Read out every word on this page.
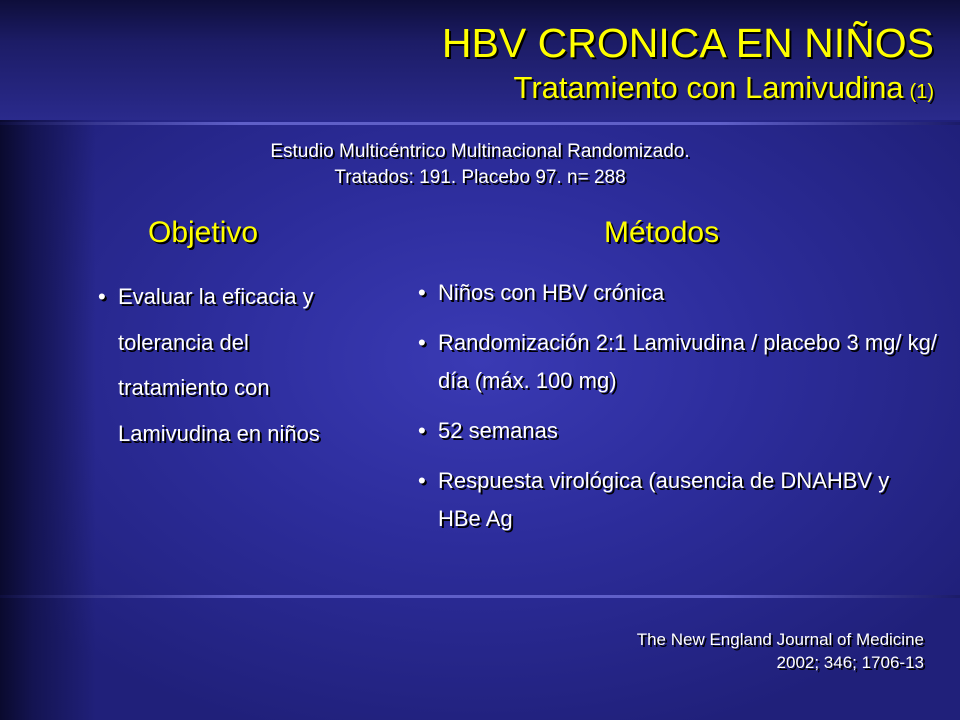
HBV CRONICA EN NIÑOS
Tratamiento con Lamivudina (1)
Estudio Multicéntrico Multinacional Randomizado.
Tratados: 191. Placebo 97. n= 288
Objetivo	Métodos
• Evaluar la eficacia y tolerancia del tratamiento con Lamivudina en niños
• Niños con HBV crónica
• Randomización 2:1 Lamivudina / placebo 3 mg/ kg/ día (máx. 100 mg)
• 52 semanas
• Respuesta virológica (ausencia de DNAHBV y HBe Ag
The New England Journal of Medicine
2002; 346; 1706-13
